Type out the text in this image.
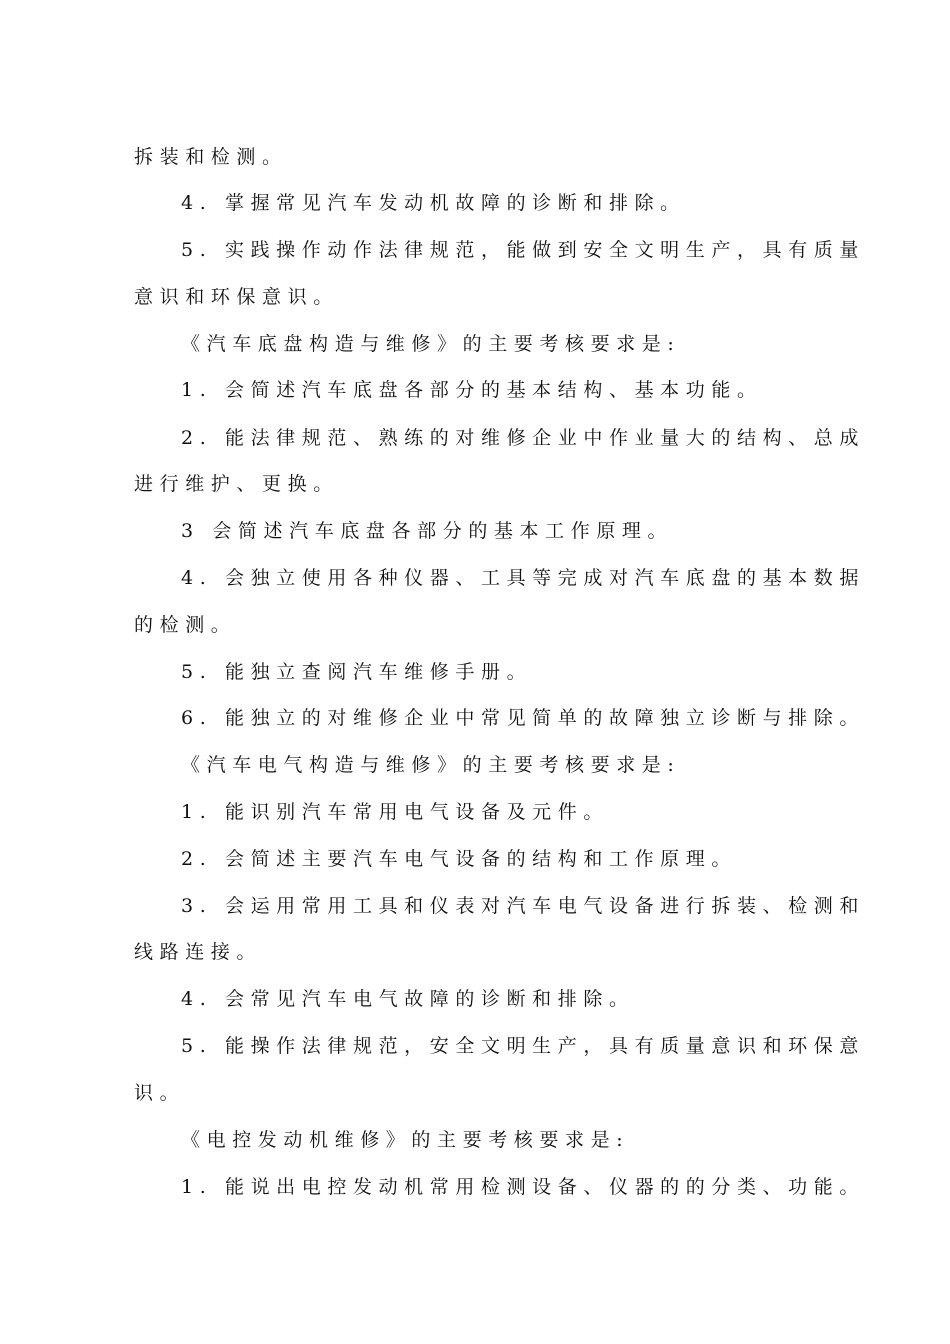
拆装和检测。

4. 掌握常见汽车发动机故障的诊断和排除。

5. 实践操作动作法律规范，能做到安全文明生产，具有质量

意识和环保意识。

《汽车底盘构造与维修》的主要考核要求是:

1. 会简述汽车底盘各部分的基本结构、基本功能。

2. 能法律规范、熟练的对维修企业中作业量大的结构、总成

进行维护、更换。

3 会简述汽车底盘各部分的基本工作原理。

4. 会独立使用各种仪器、工具等完成对汽车底盘的基本数据

的检测。

5. 能独立查阅汽车维修手册。

6. 能独立的对维修企业中常见简单的故障独立诊断与排除。

《汽车电气构造与维修》的主要考核要求是:

1. 能识别汽车常用电气设备及元件。

2. 会简述主要汽车电气设备的结构和工作原理。

3. 会运用常用工具和仪表对汽车电气设备进行拆装、检测和

线路连接。

4. 会常见汽车电气故障的诊断和排除。

5. 能操作法律规范，安全文明生产，具有质量意识和环保意

识。

《电控发动机维修》的主要考核要求是:

1. 能说出电控发动机常用检测设备、仪器的的分类、功能。
